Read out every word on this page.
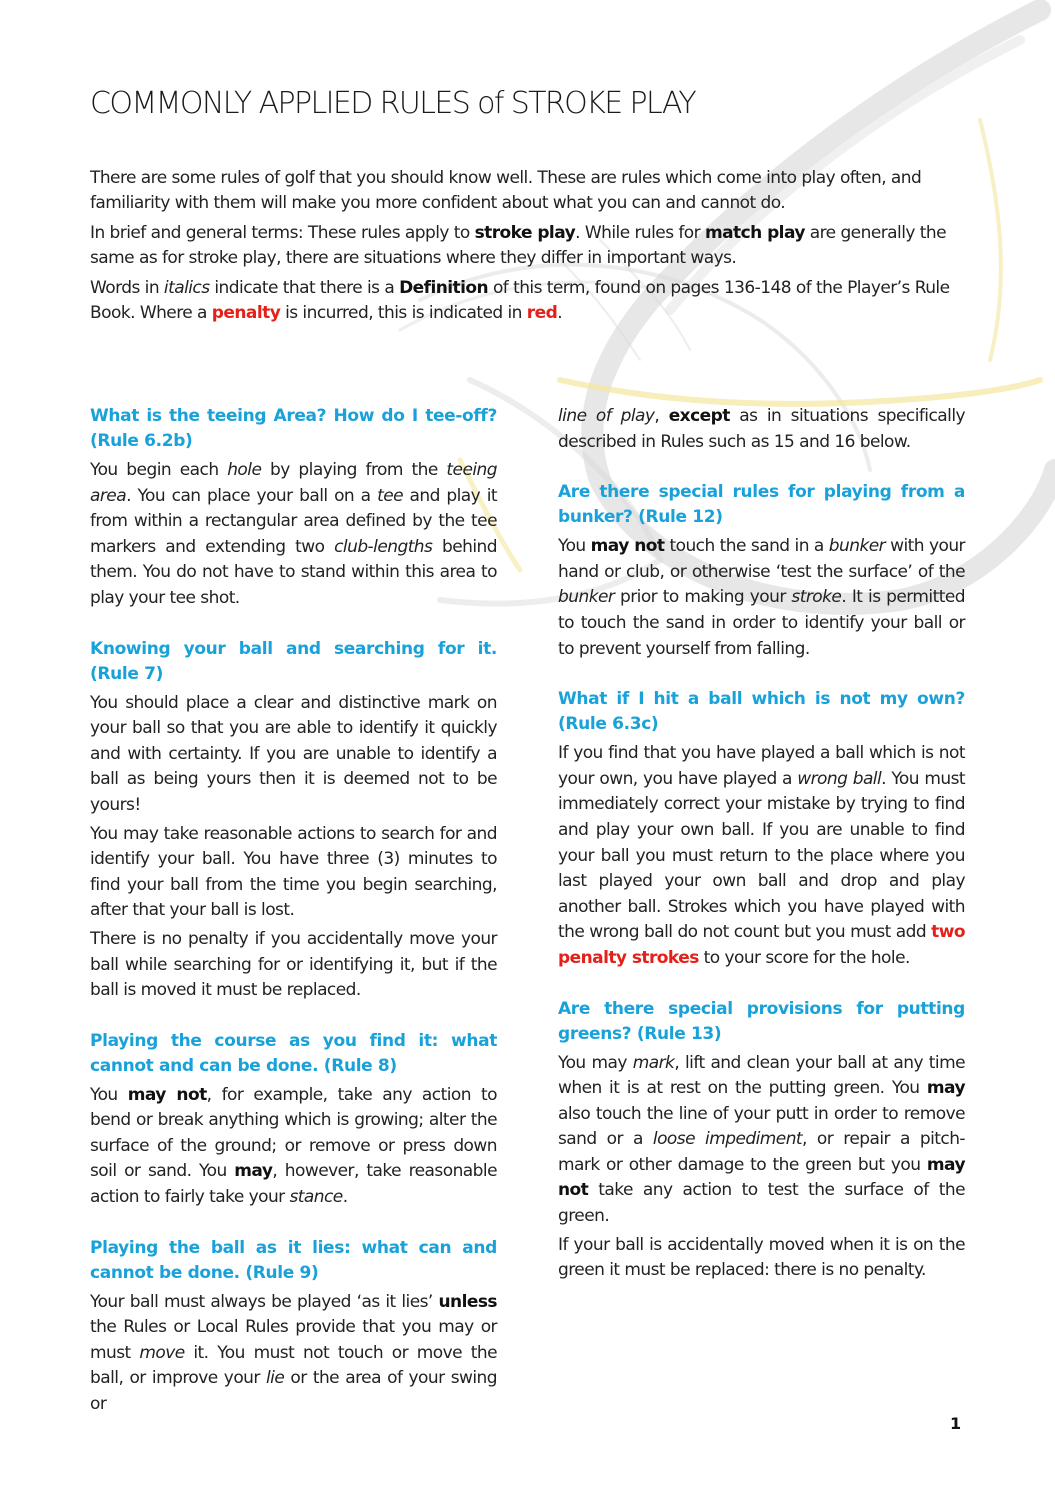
COMMONLY APPLIED RULES of STROKE PLAY

There are some rules of golf that you should know well. These are rules which come into play often, and familiarity with them will make you more confident about what you can and cannot do.

In brief and general terms: These rules apply to stroke play. While rules for match play are generally the same as for stroke play, there are situations where they differ in important ways.

Words in italics indicate that there is a Definition of this term, found on pages 136-148 of the Player’s Rule Book. Where a penalty is incurred, this is indicated in red.

What is the teeing Area? How do I tee-off? (Rule 6.2b)

You begin each hole by playing from the teeing area. You can place your ball on a tee and play it from within a rectangular area defined by the tee markers and extending two club-lengths behind them. You do not have to stand within this area to play your tee shot.

Knowing your ball and searching for it. (Rule 7)

You should place a clear and distinctive mark on your ball so that you are able to identify it quickly and with certainty. If you are unable to identify a ball as being yours then it is deemed not to be yours!

You may take reasonable actions to search for and identify your ball. You have three (3) minutes to find your ball from the time you begin searching, after that your ball is lost.

There is no penalty if you accidentally move your ball while searching for or identifying it, but if the ball is moved it must be replaced.

Playing the course as you find it: what cannot and can be done. (Rule 8)

You may not, for example, take any action to bend or break anything which is growing; alter the surface of the ground; or remove or press down soil or sand. You may, however, take reasonable action to fairly take your stance.

Playing the ball as it lies: what can and cannot be done. (Rule 9)

Your ball must always be played ‘as it lies’ unless the Rules or Local Rules provide that you may or must move it. You must not touch or move the ball, or improve your lie or the area of your swing or

line of play, except as in situations specifically described in Rules such as 15 and 16 below.

Are there special rules for playing from a bunker? (Rule 12)

You may not touch the sand in a bunker with your hand or club, or otherwise ‘test the surface’ of the bunker prior to making your stroke. It is permitted to touch the sand in order to identify your ball or to prevent yourself from falling.

What if I hit a ball which is not my own? (Rule 6.3c)

If you find that you have played a ball which is not your own, you have played a wrong ball. You must immediately correct your mistake by trying to find and play your own ball. If you are unable to find your ball you must return to the place where you last played your own ball and drop and play another ball. Strokes which you have played with the wrong ball do not count but you must add two penalty strokes to your score for the hole.

Are there special provisions for putting greens? (Rule 13)

You may mark, lift and clean your ball at any time when it is at rest on the putting green. You may also touch the line of your putt in order to remove sand or a loose impediment, or repair a pitch-mark or other damage to the green but you may not take any action to test the surface of the green.

If your ball is accidentally moved when it is on the green it must be replaced: there is no penalty.

1
